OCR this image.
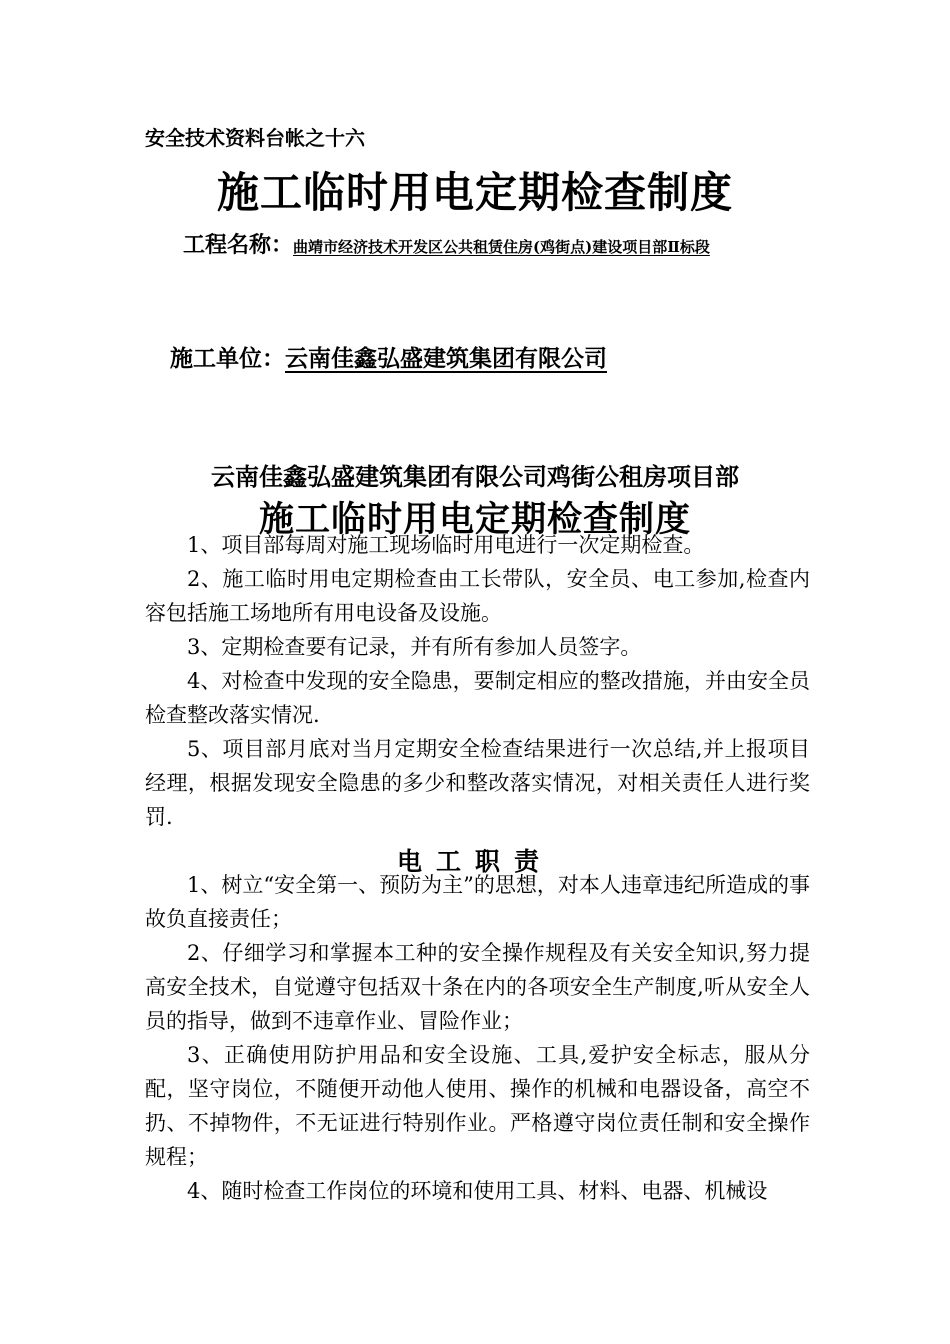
安全技术资料台帐之十六
施工临时用电定期检查制度
工程名称：曲靖市经济技术开发区公共租赁住房(鸡街点)建设项目部Ⅱ标段
施工单位：云南佳鑫弘盛建筑集团有限公司
云南佳鑫弘盛建筑集团有限公司鸡街公租房项目部
施工临时用电定期检查制度

1、项目部每周对施工现场临时用电进行一次定期检查。

2、施工临时用电定期检查由工长带队，安全员、电工参加,检查内容包括施工场地所有用电设备及设施。

3、定期检查要有记录，并有所有参加人员签字。

4、对检查中发现的安全隐患，要制定相应的整改措施，并由安全员检查整改落实情况.

5、项目部月底对当月定期安全检查结果进行一次总结,并上报项目经理，根据发现安全隐患的多少和整改落实情况，对相关责任人进行奖罚.

电工职责

1、树立“安全第一、预防为主”的思想，对本人违章违纪所造成的事故负直接责任；

2、仔细学习和掌握本工种的安全操作规程及有关安全知识,努力提高安全技术，自觉遵守包括双十条在内的各项安全生产制度,听从安全人员的指导，做到不违章作业、冒险作业；

3、正确使用防护用品和安全设施、工具,爱护安全标志，服从分配，坚守岗位，不随便开动他人使用、操作的机械和电器设备，高空不扔、不掉物件，不无证进行特别作业。严格遵守岗位责任制和安全操作规程；

4、随时检查工作岗位的环境和使用工具、材料、电器、机械设
